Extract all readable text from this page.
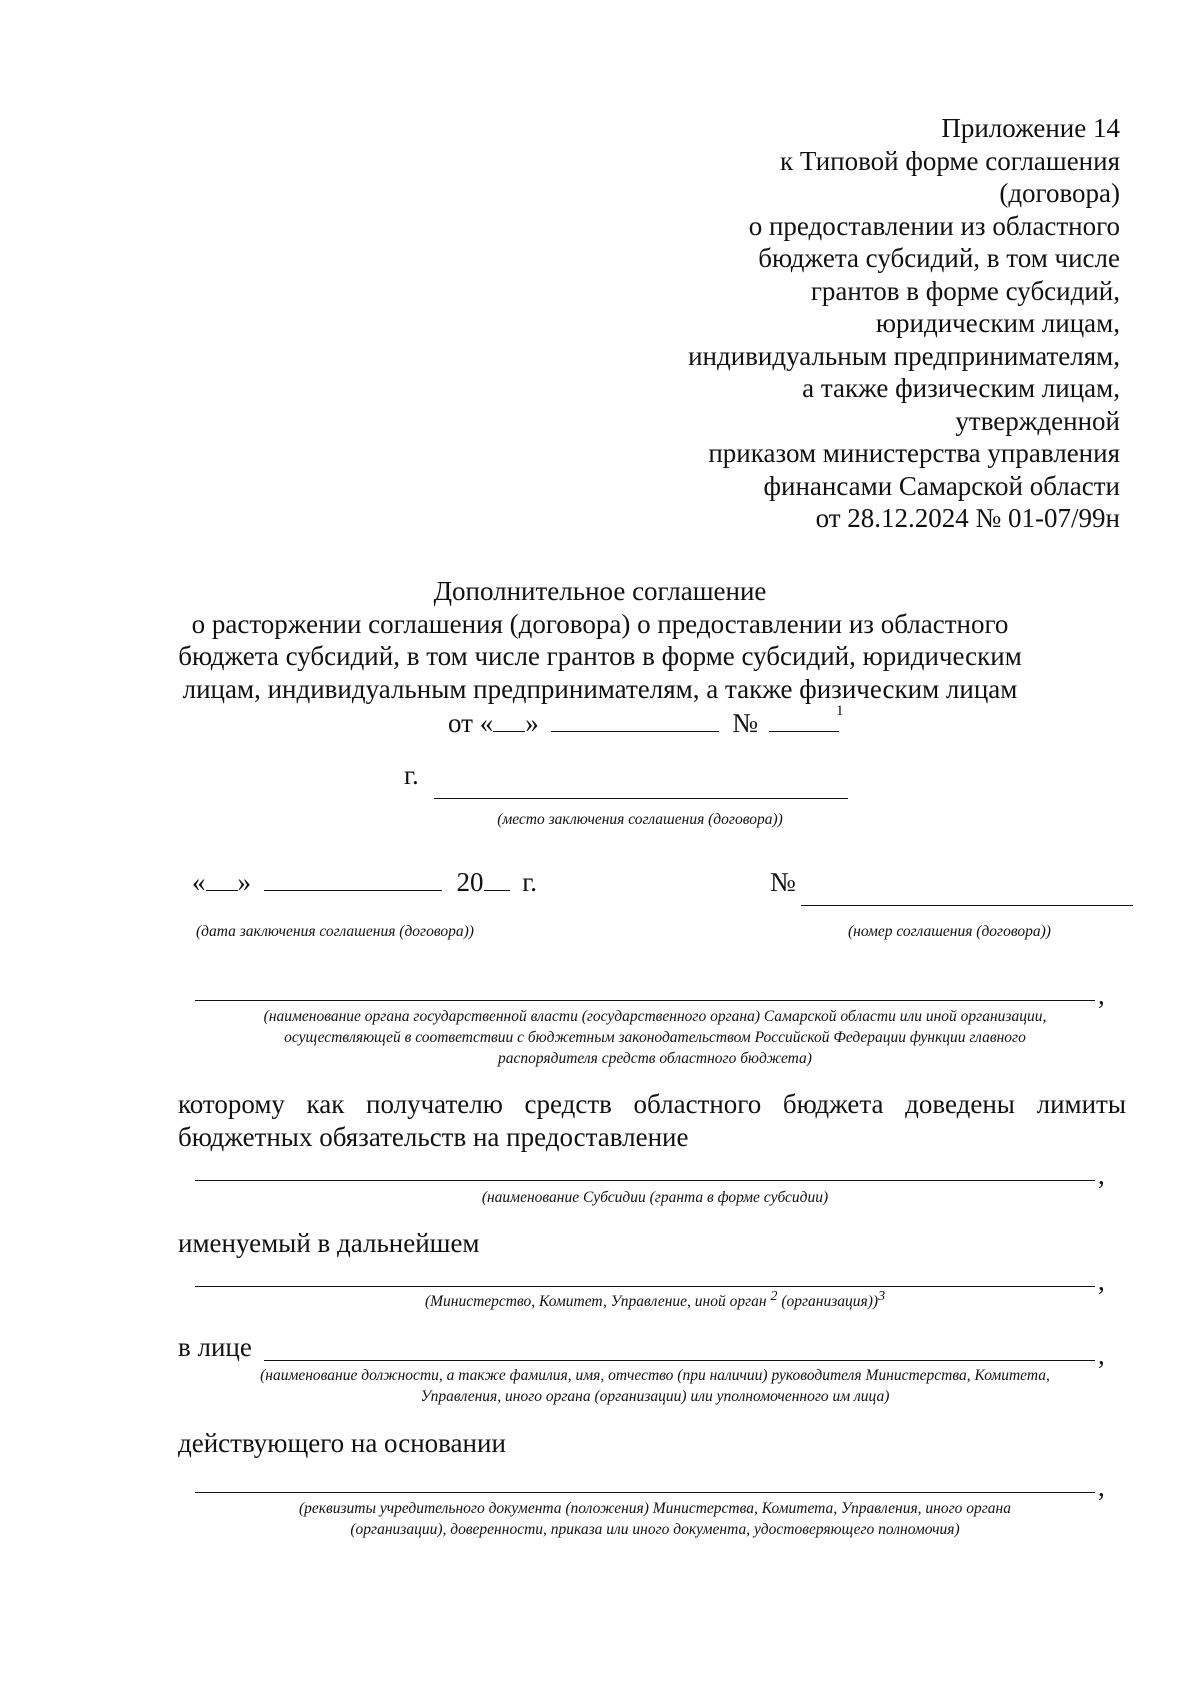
Приложение 14
к Типовой форме соглашения
(договора)
о предоставлении из областного
бюджета субсидий, в том числе
грантов в форме субсидий,
юридическим лицам,
индивидуальным предпринимателям,
а также физическим лицам,
утвержденной
приказом министерства управления
финансами Самарской области
от 28.12.2024 № 01-07/99н
Дополнительное соглашение
о расторжении соглашения (договора) о предоставлении из областного
бюджета субсидий, в том числе грантов в форме субсидий, юридическим
лицам, индивидуальным предпринимателям, а также физическим лицам
от « »	№	1
г.
(место заключения соглашения (договора))
« »	20 г.
(дата заключения соглашения (договора))
№
(номер соглашения (договора))
,
(наименование органа государственной власти (государственного органа) Самарской области или иной организации,
осуществляющей в соответствии с бюджетным законодательством Российской Федерации функции главного
распорядителя средств областного бюджета)
которому как получателю средств областного бюджета доведены лимиты бюджетных обязательств на предоставление
,
(наименование Субсидии (гранта в форме субсидии)
именуемый в дальнейшем
,
(Министерство, Комитет, Управление, иной орган $^2$ (организация))$^3$
в лице	,
(наименование должности, а также фамилия, имя, отчество (при наличии) руководителя Министерства, Комитета,
Управления, иного органа (организации) или уполномоченного им лица)
действующего на основании
,
(реквизиты учредительного документа (положения) Министерства, Комитета, Управления, иного органа
(организации), доверенности, приказа или иного документа, удостоверяющего полномочия)
